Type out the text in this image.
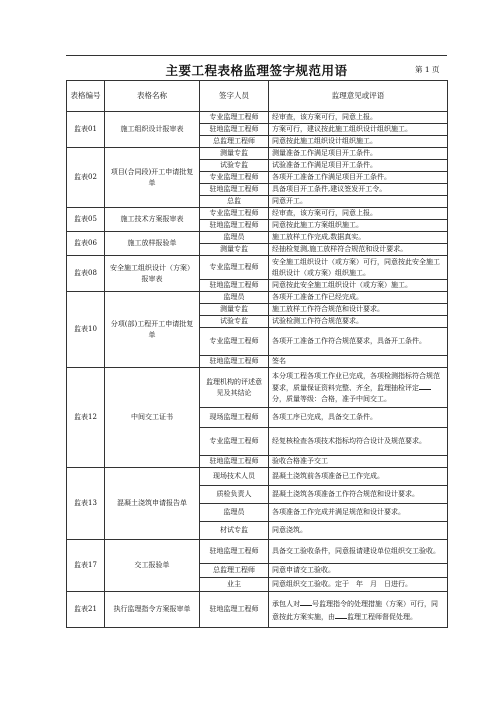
主要工程表格监理签字规范用语	第 1 页
表格编号	表格名称	签字人员	监理意见或评语
监表01	施工组织设计报审表	专业监理工程师	经审查，该方案可行，同意上报。
		驻地监理工程师	方案可行，建议按此施工组织设计组织施工。
		总监理工程师	同意按此施工组织设计组织施工。
监表02	项目(合同段)开工申请批复单	测量专监	测量准备工作满足项目开工条件。
		试验专监	试验准备工作满足项目开工条件。
		专业监理工程师	各项开工准备工作满足项目开工条件。
		驻地监理工程师	具备项目开工条件,建议签发开工令。
		总监	同意开工。
监表05	施工技术方案报审表	专业监理工程师	经审查，该方案可行，同意上报。
		驻地监理工程师	同意按此施工方案组织施工。
监表06	施工放样报验单	监理员	施工放样工作完成,数据真实。
		测量专监	经抽检复测,施工放样符合规范和设计要求。
监表08	安全施工组织设计（方案）报审表	专业监理工程师	安全施工组织设计（或方案）可行，同意按此安全施工组织设计（或方案）组织施工。
		驻地监理工程师	同意按此安全施工组织设计（或方案）施工。
监表10	分项(部)工程开工申请批复单	监理员	各项开工准备工作已经完成。
		测量专监	施工放样工作符合规范和设计要求。
		试验专监	试验检测工作符合规范要求。
		专业监理工程师	各项开工准备工作符合规范要求，具备开工条件。
		驻地监理工程师	签名
监表12	中间交工证书	监理机构的评述意见及其结论	本分项工程各项工作业已完成，各项检测指标符合规范要求，质量保证资料完整、齐全，监理抽检评定分，质量等级：合格，准予中间交工。
		现场监理工程师	各项工序已完成，具备交工条件。
		专业监理工程师	经复核检查各项技术指标均符合设计及规范要求。
		驻地监理工程师	验收合格准予交工
监表13	混凝土浇筑申请报告单	现场技术人员	混凝土浇筑前各项准备已工作完成。
		质检负责人	混凝土浇筑各项准备工作符合规范和设计要求。
		监理员	各项准备工作完成并满足规范和设计要求。
		材试专监	同意浇筑。
监表17	交工报验单	驻地监理工程师	具备交工验收条件，同意报请建设单位组织交工验收。
		总监理工程师	同意申请交工验收。
		业主	同意组织交工验收。定于　年　月　日进行。
监表21	执行监理指令方案报审单	驻地监理工程师	承包人对 号监理指令的处理措施（方案）可行，同意按此方案实施，由 监理工程师督促处理。
